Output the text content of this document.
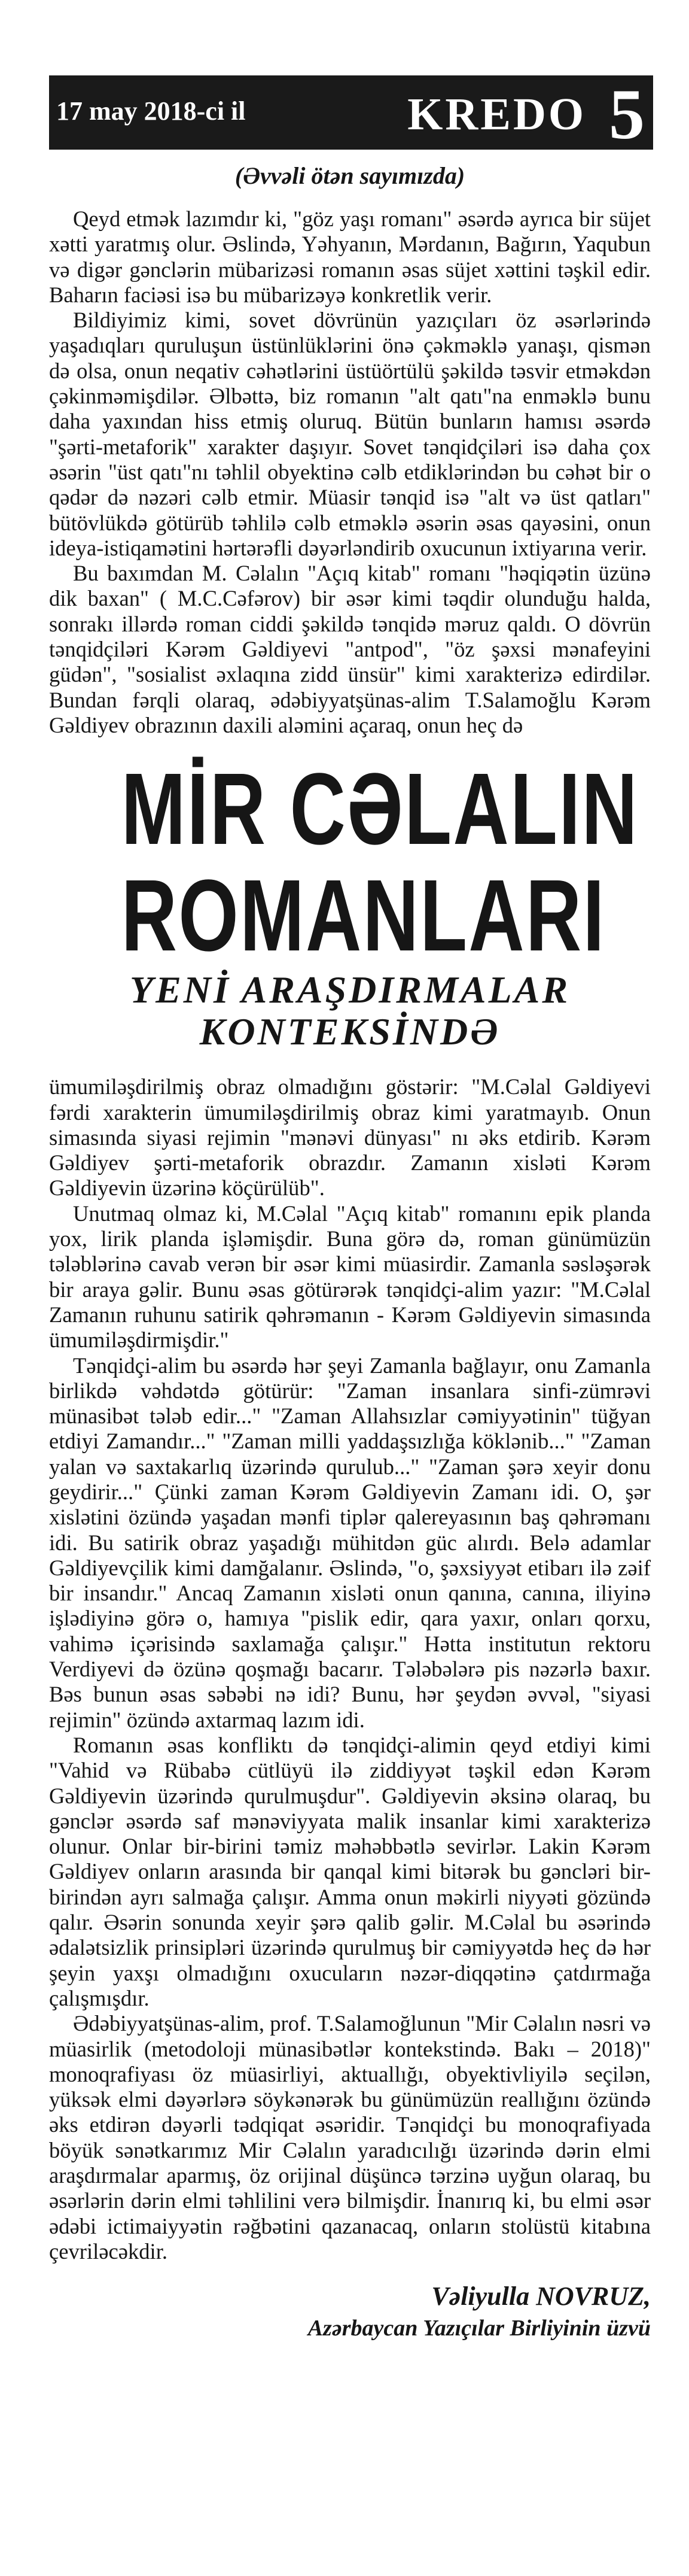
17 may 2018-ci il	KREDO 5
(Əvvəli ötən sayımızda)

Qeyd etmək lazımdır ki, "göz yaşı romanı" əsərdə ayrıca bir süjet xətti yaratmış olur. Əslində, Yəhyanın, Mərdanın, Bağırın, Yaqubun və digər gənclərin mübarizəsi romanın əsas süjet xəttini təşkil edir. Baharın faciəsi isə bu mübarizəyə konkretlik verir.

Bildiyimiz kimi, sovet dövrünün yazıçıları öz əsərlərində yaşadıqları quruluşun üstünlüklərini önə çəkməklə yanaşı, qismən də olsa, onun neqativ cəhətlərini üstüörtülü şəkildə təsvir etməkdən çəkinməmişdilər. Əlbəttə, biz romanın "alt qatı"na enməklə bunu daha yaxından hiss etmiş oluruq. Bütün bunların hamısı əsərdə "şərti-metaforik" xarakter daşıyır. Sovet tənqidçiləri isə daha çox əsərin "üst qatı"nı təhlil obyektinə cəlb etdiklərindən bu cəhət bir o qədər də nəzəri cəlb etmir. Müasir tənqid isə "alt və üst qatları" bütövlükdə götürüb təhlilə cəlb etməklə əsərin əsas qayəsini, onun ideya-istiqamətini hərtərəfli dəyərləndirib oxucunun ixtiyarına verir.

Bu baxımdan M. Cəlalın "Açıq kitab" romanı "həqiqətin üzünə dik baxan" ( M.C.Cəfərov) bir əsər kimi təqdir olunduğu halda, sonrakı illərdə roman ciddi şəkildə tənqidə məruz qaldı. O dövrün tənqidçiləri Kərəm Gəldiyevi "antpod", "öz şəxsi mənafeyini güdən", "sosialist əxlaqına zidd ünsür" kimi xarakterizə edirdilər. Bundan fərqli olaraq, ədəbiyyatşünas-alim T.Salamoğlu Kərəm Gəldiyev obrazının daxili aləmini açaraq, onun heç də

MİR CƏLALIN
ROMANLARI
YENİ ARAŞDIRMALAR
KONTEKSİNDƏ

ümumiləşdirilmiş obraz olmadığını göstərir: "M.Cəlal Gəldiyevi fərdi xarakterin ümumiləşdirilmiş obraz kimi yaratmayıb. Onun simasında siyasi rejimin "mənəvi dünyası" nı əks etdirib. Kərəm Gəldiyev şərti-metaforik obrazdır. Zamanın xisləti Kərəm Gəldiyevin üzərinə köçürülüb".

Unutmaq olmaz ki, M.Cəlal "Açıq kitab" romanını epik planda yox, lirik planda işləmişdir. Buna görə də, roman günümüzün tələblərinə cavab verən bir əsər kimi müasirdir. Zamanla səsləşərək bir araya gəlir. Bunu əsas götürərək tənqidçi-alim yazır: "M.Cəlal Zamanın ruhunu satirik qəhrəmanın - Kərəm Gəldiyevin simasında ümumiləşdirmişdir."

Tənqidçi-alim bu əsərdə hər şeyi Zamanla bağlayır, onu Zamanla birlikdə vəhdətdə götürür: "Zaman insanlara sinfi-zümrəvi münasibət tələb edir..." "Zaman Allahsızlar cəmiyyətinin" tüğyan etdiyi Zamandır..." "Zaman milli yaddaşsızlığa köklənib..." "Zaman yalan və saxtakarlıq üzərində qurulub..." "Zaman şərə xeyir donu geydirir..." Çünki zaman Kərəm Gəldiyevin Zamanı idi. O, şər xislətini özündə yaşadan mənfi tiplər qalereyasının baş qəhrəmanı idi. Bu satirik obraz yaşadığı mühitdən güc alırdı. Belə adamlar Gəldiyevçilik kimi damğalanır. Əslində, "o, şəxsiyyət etibarı ilə zəif bir insandır." Ancaq Zamanın xisləti onun qanına, canına, iliyinə işlədiyinə görə o, hamıya "pislik edir, qara yaxır, onları qorxu, vahimə içərisində saxlamağa çalışır." Hətta institutun rektoru Verdiyevi də özünə qoşmağı bacarır. Tələbələrə pis nəzərlə baxır. Bəs bunun əsas səbəbi nə idi? Bunu, hər şeydən əvvəl, "siyasi rejimin" özündə axtarmaq lazım idi.

Romanın əsas konfliktı də tənqidçi-alimin qeyd etdiyi kimi "Vahid və Rübabə cütlüyü ilə ziddiyyət təşkil edən Kərəm Gəldiyevin üzərində qurulmuşdur". Gəldiyevin əksinə olaraq, bu gənclər əsərdə saf mənəviyyata malik insanlar kimi xarakterizə olunur. Onlar bir-birini təmiz məhəbbətlə sevirlər. Lakin Kərəm Gəldiyev onların arasında bir qanqal kimi bitərək bu gəncləri bir-birindən ayrı salmağa çalışır. Amma onun məkirli niyyəti gözündə qalır. Əsərin sonunda xeyir şərə qalib gəlir. M.Cəlal bu əsərində ədalətsizlik prinsipləri üzərində qurulmuş bir cəmiyyətdə heç də hər şeyin yaxşı olmadığını oxucuların nəzər-diqqətinə çatdırmağa çalışmışdır.

Ədəbiyyatşünas-alim, prof. T.Salamoğlunun "Mir Cəlalın nəsri və müasirlik (metodoloji münasibətlər kontekstində. Bakı – 2018)" monoqrafiyası öz müasirliyi, aktuallığı, obyektivliyilə seçilən, yüksək elmi dəyərlərə söykənərək bu günümüzün reallığını özündə əks etdirən dəyərli tədqiqat əsəridir. Tənqidçi bu monoqrafiyada böyük sənətkarımız Mir Cəlalın yaradıcılığı üzərində dərin elmi araşdırmalar aparmış, öz orijinal düşüncə tərzinə uyğun olaraq, bu əsərlərin dərin elmi təhlilini verə bilmişdir. İnanırıq ki, bu elmi əsər ədəbi ictimaiyyətin rəğbətini qazanacaq, onların stolüstü kitabına çevriləcəkdir.

Vəliyulla NOVRUZ,
Azərbaycan Yazıçılar Birliyinin üzvü
